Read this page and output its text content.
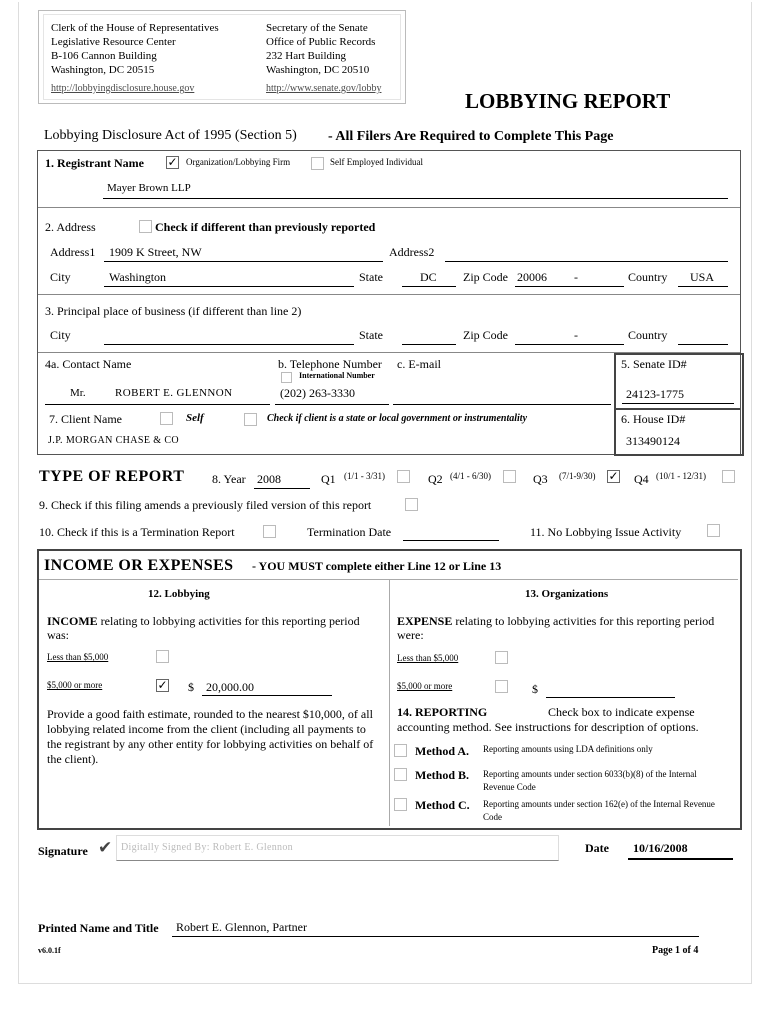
Clerk of the House of Representatives
Legislative Resource Center
B-106 Cannon Building
Washington, DC 20515
http://lobbyingdisclosure.house.gov
Secretary of the Senate
Office of Public Records
232 Hart Building
Washington, DC 20510
http://www.senate.gov/lobby
LOBBYING REPORT
Lobbying Disclosure Act of 1995 (Section 5) - All Filers Are Required to Complete This Page
1. Registrant Name ✓ Organization/Lobbying Firm	Self Employed Individual
Mayer Brown LLP
2. Address	Check if different than previously reported
Address1 1909 K Street, NW	Address2
City	Washington	State	DC Zip Code 20006 -	Country USA
3. Principal place of business (if different than line 2)
City	State	Zip Code	-	Country
4a. Contact Name	b. Telephone Number c. E-mail
International Number
Mr.	ROBERT E. GLENNON	(202) 263-3330
5. Senate ID#
24123-1775
6. House ID#
313490124
7. Client Name	Self	Check if client is a state or local government or instrumentality
J.P. MORGAN CHASE & CO
TYPE OF REPORT 8. Year 2008	Q1 (1/1 - 3/31)	Q2 (4/1 - 6/30)	Q3 (7/1-9/30) ✓ Q4 (10/1 - 12/31)
9. Check if this filing amends a previously filed version of this report
10. Check if this is a Termination Report	Termination Date	11. No Lobbying Issue Activity
INCOME OR EXPENSES - YOU MUST complete either Line 12 or Line 13
12. Lobbying	13. Organizations
INCOME relating to lobbying activities for this reporting period
was:
EXPENSE relating to lobbying activities for this reporting period
were:
Less than $5,000	Less than $5,000
$5,000 or more	✓ $ 20,000.00	$5,000 or more	$
Provide a good faith estimate, rounded to the nearest $10,000, of all lobbying related income from the client (including all payments to the registrant by any other entity for lobbying activities on behalf of the client).
14. REPORTING	Check box to indicate expense
accounting method. See instructions for description of options.
Method A. Reporting amounts using LDA definitions only
Method B. Reporting amounts under section 6033(b)(8) of the Internal Revenue Code
Method C. Reporting amounts under section 162(e) of the Internal Revenue Code
Signature ✔ Digitally Signed By: Robert E. Glennon	Date 10/16/2008
Printed Name and Title Robert E. Glennon, Partner
v6.0.1f	Page 1 of 4
